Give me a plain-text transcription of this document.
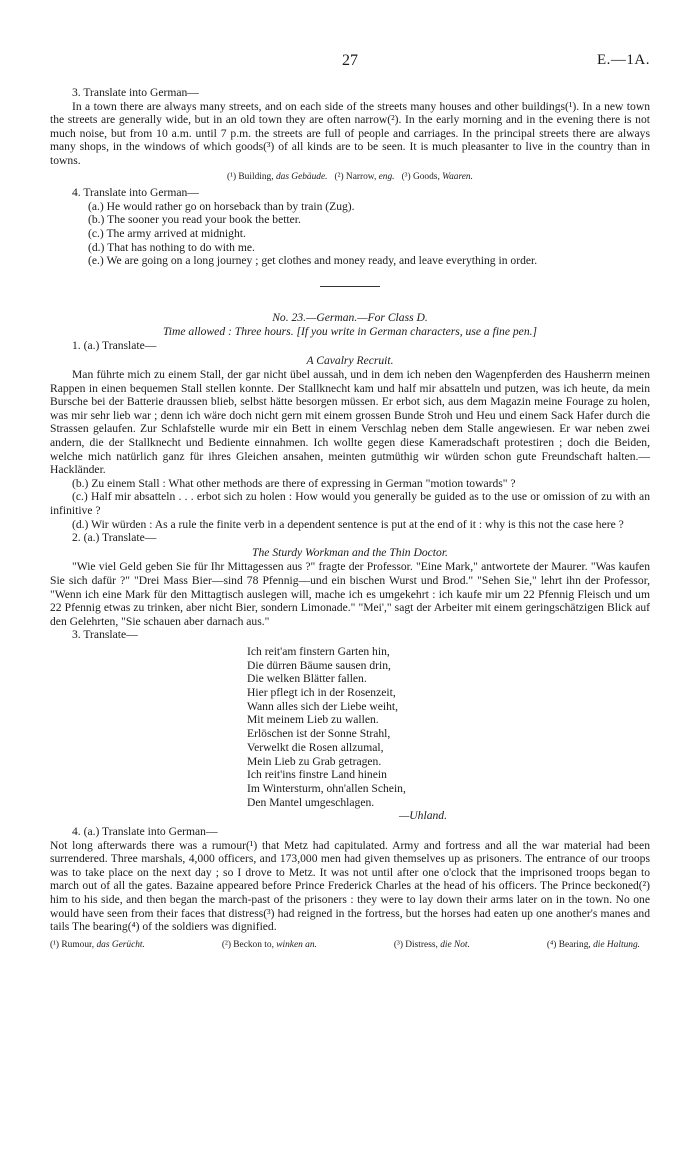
27	E.—1A.
3. Translate into German—

In a town there are always many streets, and on each side of the streets many houses and other buildings(¹). In a new town the streets are generally wide, but in an old town they are often narrow(²). In the early morning and in the evening there is not much noise, but from 10 a.m. until 7 p.m. the streets are full of people and carriages. In the principal streets there are always many shops, in the windows of which goods(³) of all kinds are to be seen. It is much pleasanter to live in the country than in towns.

(¹) Building, das Gebäude. (²) Narrow, eng. (³) Goods, Waaren.
4. Translate into German—
(a.) He would rather go on horseback than by train (Zug).
(b.) The sooner you read your book the better.
(c.) The army arrived at midnight.
(d.) That has nothing to do with me.
(e.) We are going on a long journey ; get clothes and money ready, and leave everything in order.
No. 23.—German.—For Class D.
Time allowed : Three hours. [If you write in German characters, use a fine pen.]
1. (a.) Translate—
A Cavalry Recruit.

Man führte mich zu einem Stall, der gar nicht übel aussah, und in dem ich neben den Wagenpferden des Hausherrn meinen Rappen in einen bequemen Stall stellen konnte. Der Stallknecht kam und half mir absatteln und putzen, was ich heute, da mein Bursche bei der Batterie draussen blieb, selbst hätte besorgen müssen. Er erbot sich, aus dem Magazin meine Fourage zu holen, was mir sehr lieb war ; denn ich wäre doch nicht gern mit einem grossen Bunde Stroh und Heu und einem Sack Hafer durch die Strassen gelaufen. Zur Schlafstelle wurde mir ein Bett in einem Verschlag neben dem Stalle angewiesen. Er war neben zwei andern, die der Stallknecht und Bediente einnahmen. Ich wollte gegen diese Kameradschaft protestiren ; doch die Beiden, welche mich natürlich ganz für ihres Gleichen ansahen, meinten gutmüthig wir würden schon gute Freundschaft halten.—Hackländer.

(b.) Zu einem Stall : What other methods are there of expressing in German "motion towards" ?

(c.) Half mir absatteln . . . erbot sich zu holen : How would you generally be guided as to the use or omission of zu with an infinitive ?

(d.) Wir würden : As a rule the finite verb in a dependent sentence is put at the end of it : why is this not the case here ?

2. (a.) Translate—
The Sturdy Workman and the Thin Doctor.

"Wie viel Geld geben Sie für Ihr Mittagessen aus ?" fragte der Professor. "Eine Mark," antwortete der Maurer. "Was kaufen Sie sich dafür ?" "Drei Mass Bier—sind 78 Pfennig—und ein bischen Wurst und Brod." "Sehen Sie," lehrt ihn der Professor, "Wenn ich eine Mark für den Mittagtisch auslegen will, mache ich es umgekehrt : ich kaufe mir um 22 Pfennig Fleisch und um 22 Pfennig etwas zu trinken, aber nicht Bier, sondern Limonade." "Mei'," sagt der Arbeiter mit einem geringschätzigen Blick auf den Gelehrten, "Sie schauen aber darnach aus."

3. Translate—
Ich reit'am finstern Garten hin,
Die dürren Bäume sausen drin,
Die welken Blätter fallen.
Hier pflegt ich in der Rosenzeit,
Wann alles sich der Liebe weiht,
Mit meinem Lieb zu wallen.
Erlöschen ist der Sonne Strahl,
Verwelkt die Rosen allzumal,
Mein Lieb zu Grab getragen.
Ich reit'ins finstre Land hinein
Im Wintersturm, ohn'allen Schein,
Den Mantel umgeschlagen.
—Uhland.
4. (a.) Translate into German—

Not long afterwards there was a rumour(¹) that Metz had capitulated. Army and fortress and all the war material had been surrendered. Three marshals, 4,000 officers, and 173,000 men had given themselves up as prisoners. The entrance of our troops was to take place on the next day ; so I drove to Metz. It was not until after one o'clock that the imprisoned troops began to march out of all the gates. Bazaine appeared before Prince Frederick Charles at the head of his officers. The Prince beckoned(²) him to his side, and then began the march-past of the prisoners : they were to lay down their arms later on in the town. No one would have seen from their faces that distress(³) had reigned in the fortress, but the horses had eaten up one another's manes and tails The bearing(⁴) of the soldiers was dignified.

(¹) Rumour, das Gerücht.	(²) Beckon to, winken an.	(³) Distress, die Not.	(⁴) Bearing, die Haltung.
